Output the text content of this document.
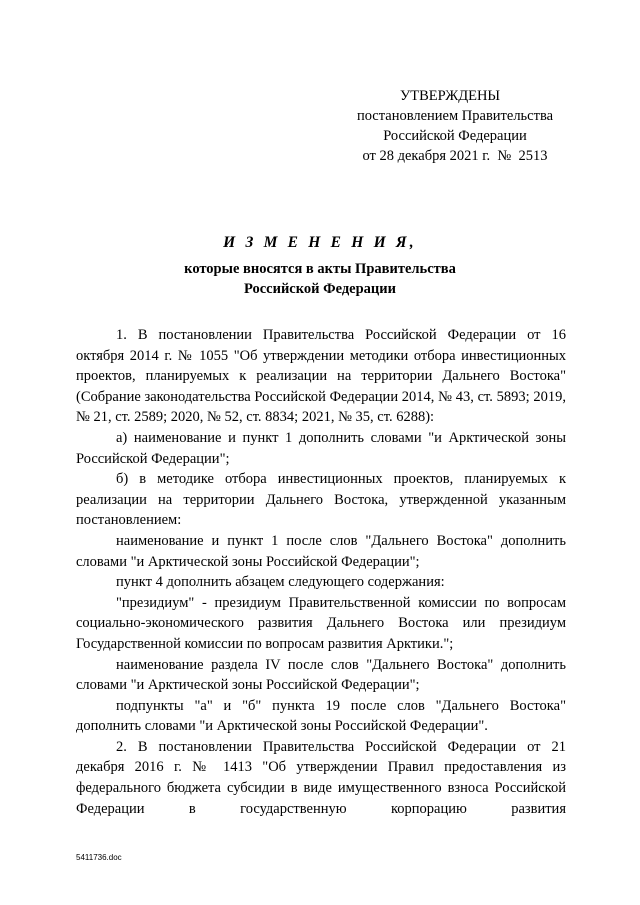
УТВЕРЖДЕНЫ
постановлением Правительства
Российской Федерации
от 28 декабря 2021 г.  №  2513
И З М Е Н Е Н И Я,
которые вносятся в акты Правительства
Российской Федерации

1. В постановлении Правительства Российской Федерации от 16 октября 2014 г. № 1055 "Об утверждении методики отбора инвестиционных проектов, планируемых к реализации на территории Дальнего Востока" (Собрание законодательства Российской Федерации 2014, № 43, ст. 5893; 2019, № 21, ст. 2589; 2020, № 52, ст. 8834; 2021, № 35, ст. 6288):

а) наименование и пункт 1 дополнить словами "и Арктической зоны Российской Федерации";

б) в методике отбора инвестиционных проектов, планируемых к реализации на территории Дальнего Востока, утвержденной указанным постановлением:

наименование и пункт 1 после слов "Дальнего Востока" дополнить словами "и Арктической зоны Российской Федерации";

пункт 4 дополнить абзацем следующего содержания:

"президиум" - президиум Правительственной комиссии по вопросам социально-экономического развития Дальнего Востока или президиум Государственной комиссии по вопросам развития Арктики.";

наименование раздела IV после слов "Дальнего Востока" дополнить словами "и Арктической зоны Российской Федерации";

подпункты "а" и "б" пункта 19 после слов "Дальнего Востока" дополнить словами "и Арктической зоны Российской Федерации".

2. В постановлении Правительства Российской Федерации от 21 декабря 2016 г. № 1413 "Об утверждении Правил предоставления из федерального бюджета субсидии в виде имущественного взноса Российской Федерации в государственную корпорацию развития

5411736.doc
